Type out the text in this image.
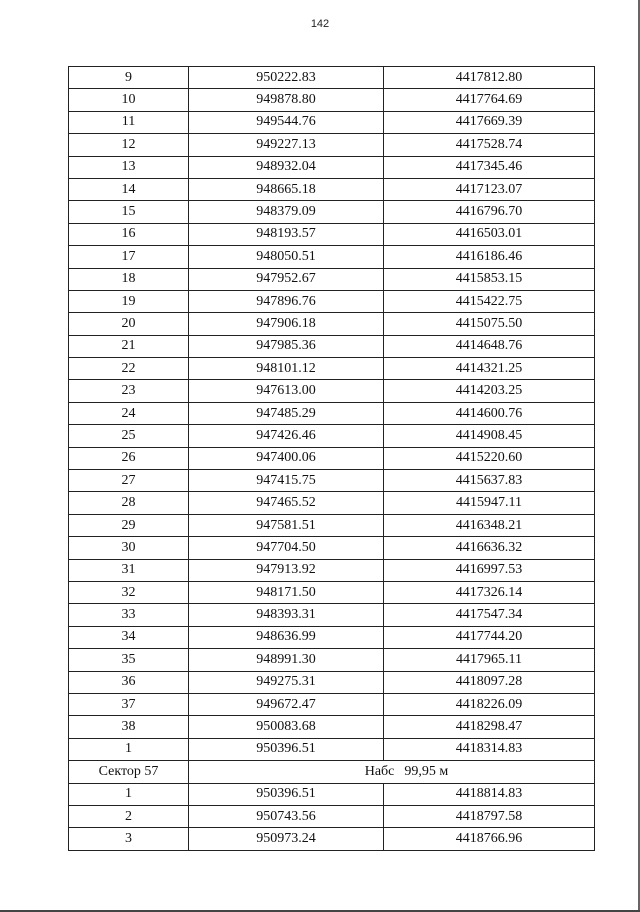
142
9	950222.83	4417812.80
10	949878.80	4417764.69
11	949544.76	4417669.39
12	949227.13	4417528.74
13	948932.04	4417345.46
14	948665.18	4417123.07
15	948379.09	4416796.70
16	948193.57	4416503.01
17	948050.51	4416186.46
18	947952.67	4415853.15
19	947896.76	4415422.75
20	947906.18	4415075.50
21	947985.36	4414648.76
22	948101.12	4414321.25
23	947613.00	4414203.25
24	947485.29	4414600.76
25	947426.46	4414908.45
26	947400.06	4415220.60
27	947415.75	4415637.83
28	947465.52	4415947.11
29	947581.51	4416348.21
30	947704.50	4416636.32
31	947913.92	4416997.53
32	948171.50	4417326.14
33	948393.31	4417547.34
34	948636.99	4417744.20
35	948991.30	4417965.11
36	949275.31	4418097.28
37	949672.47	4418226.09
38	950083.68	4418298.47
1	950396.51	4418314.83
Сектор 57	Набс 99,95 м	
1	950396.51	4418814.83
2	950743.56	4418797.58
3	950973.24	4418766.96
